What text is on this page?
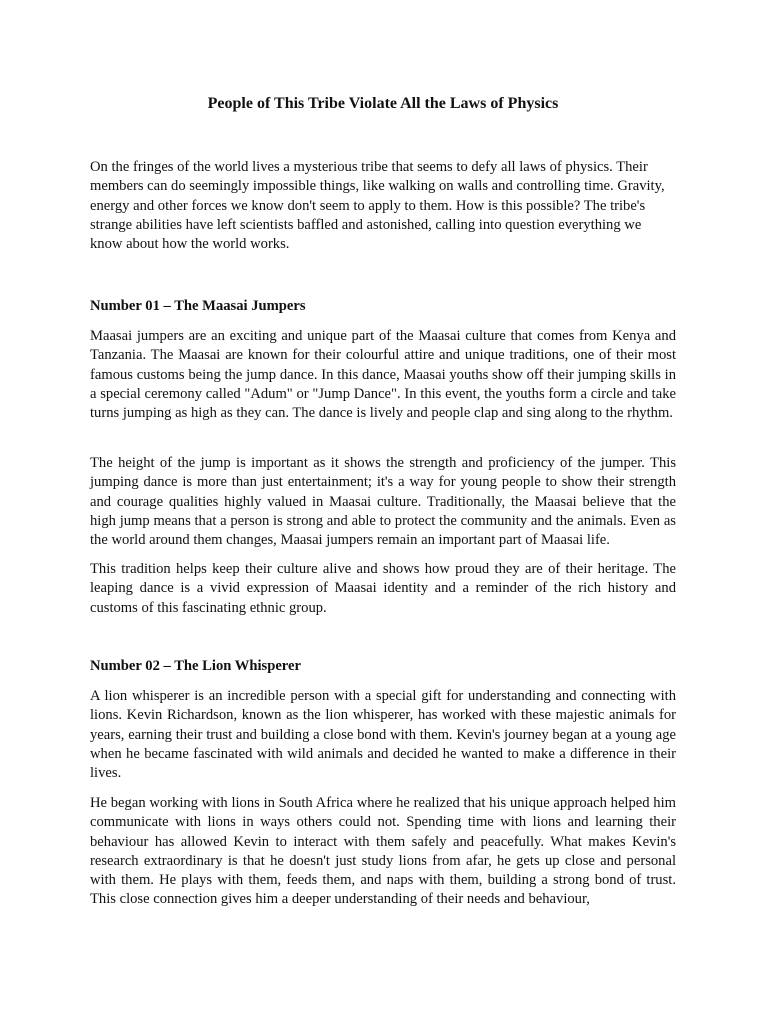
People of This Tribe Violate All the Laws of Physics

On the fringes of the world lives a mysterious tribe that seems to defy all laws of physics. Their members can do seemingly impossible things, like walking on walls and controlling time. Gravity, energy and other forces we know don't seem to apply to them. How is this possible? The tribe's strange abilities have left scientists baffled and astonished, calling into question everything we know about how the world works.

Number 01 – The Maasai Jumpers

Maasai jumpers are an exciting and unique part of the Maasai culture that comes from Kenya and Tanzania. The Maasai are known for their colourful attire and unique traditions, one of their most famous customs being the jump dance. In this dance, Maasai youths show off their jumping skills in a special ceremony called "Adum" or "Jump Dance". In this event, the youths form a circle and take turns jumping as high as they can. The dance is lively and people clap and sing along to the rhythm.

The height of the jump is important as it shows the strength and proficiency of the jumper. This jumping dance is more than just entertainment; it's a way for young people to show their strength and courage qualities highly valued in Maasai culture. Traditionally, the Maasai believe that the high jump means that a person is strong and able to protect the community and the animals. Even as the world around them changes, Maasai jumpers remain an important part of Maasai life.

This tradition helps keep their culture alive and shows how proud they are of their heritage. The leaping dance is a vivid expression of Maasai identity and a reminder of the rich history and customs of this fascinating ethnic group.

Number 02 – The Lion Whisperer

A lion whisperer is an incredible person with a special gift for understanding and connecting with lions. Kevin Richardson, known as the lion whisperer, has worked with these majestic animals for years, earning their trust and building a close bond with them. Kevin's journey began at a young age when he became fascinated with wild animals and decided he wanted to make a difference in their lives.

He began working with lions in South Africa where he realized that his unique approach helped him communicate with lions in ways others could not. Spending time with lions and learning their behaviour has allowed Kevin to interact with them safely and peacefully. What makes Kevin's research extraordinary is that he doesn't just study lions from afar, he gets up close and personal with them. He plays with them, feeds them, and naps with them, building a strong bond of trust. This close connection gives him a deeper understanding of their needs and behaviour,
